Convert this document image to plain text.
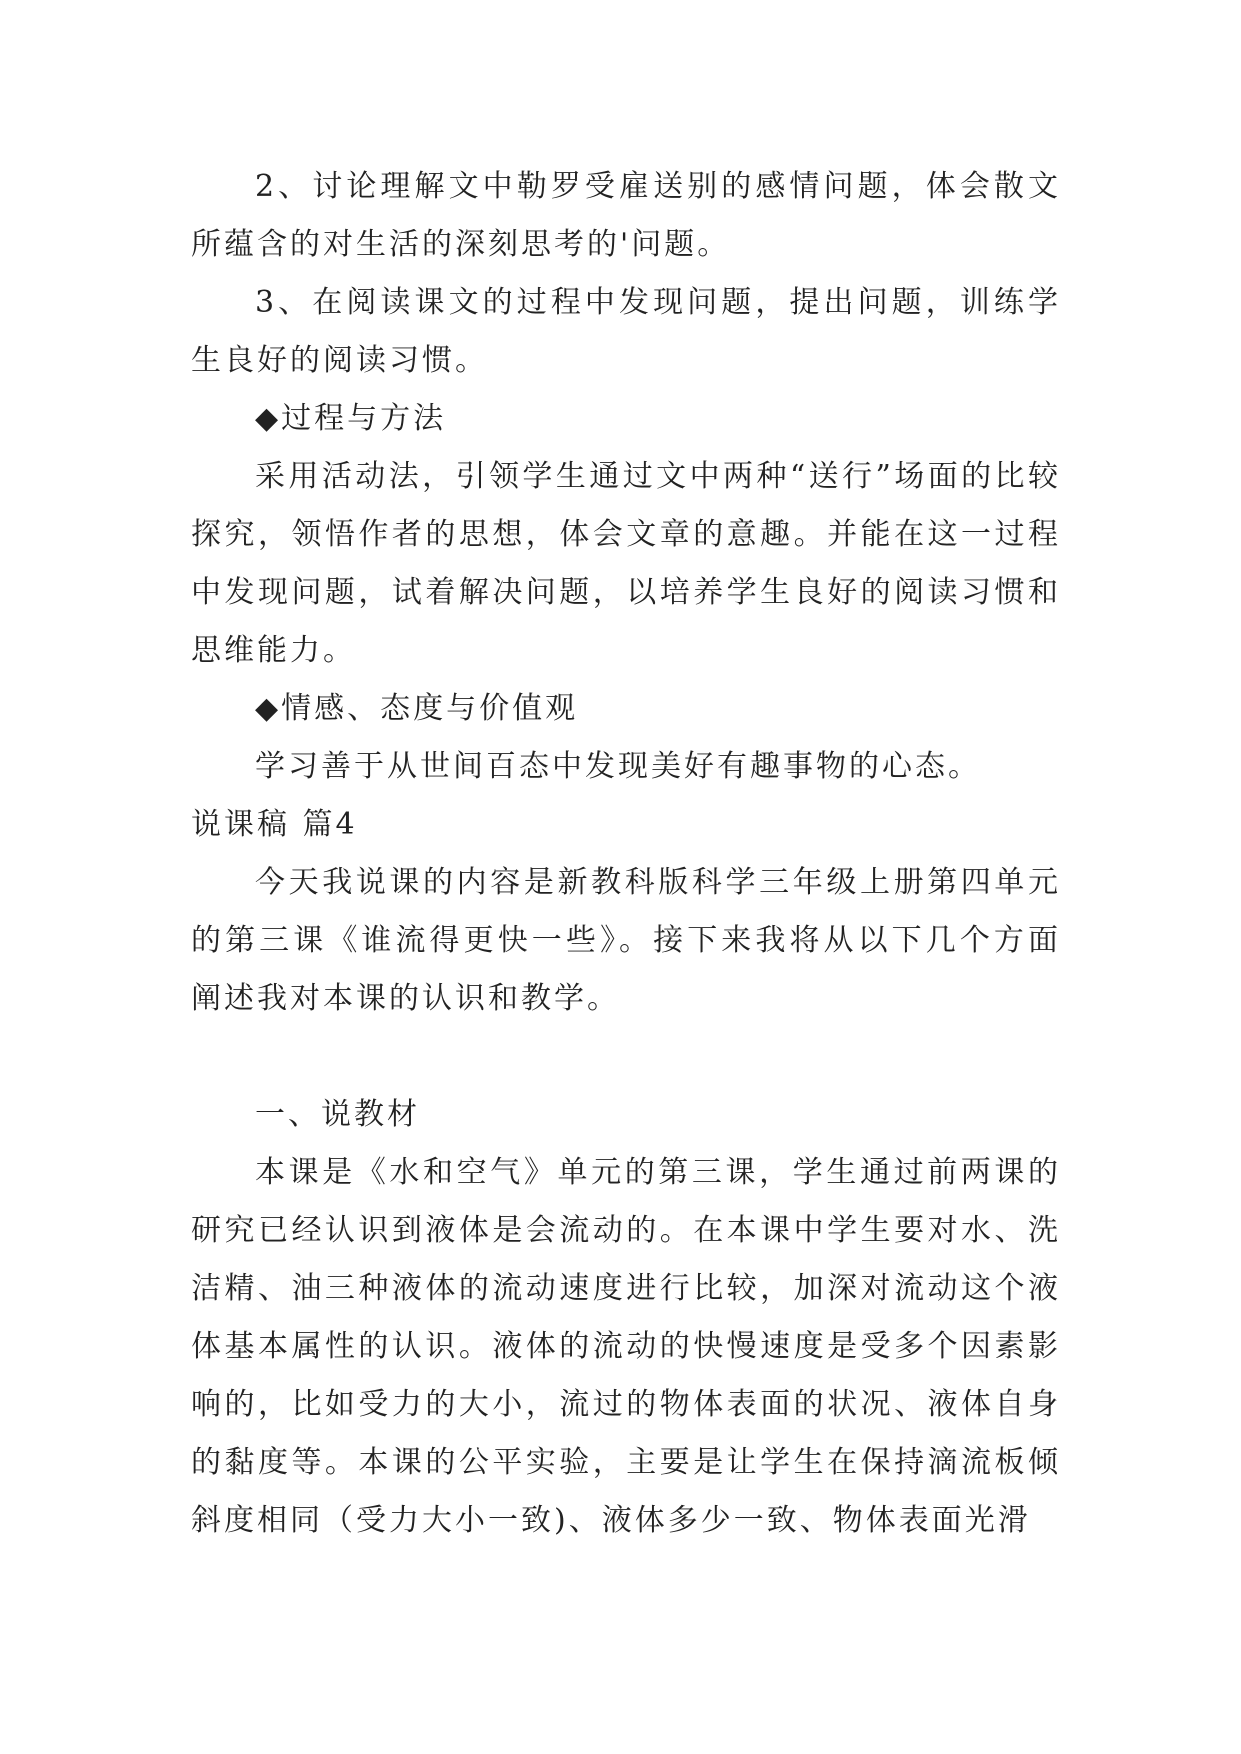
2、讨论理解文中勒罗受雇送别的感情问题，体会散文所蕴含的对生活的深刻思考的'问题。

3、在阅读课文的过程中发现问题，提出问题，训练学生良好的阅读习惯。

◆过程与方法

采用活动法，引领学生通过文中两种“送行”场面的比较探究，领悟作者的思想，体会文章的意趣。并能在这一过程中发现问题，试着解决问题，以培养学生良好的阅读习惯和思维能力。

◆情感、态度与价值观

学习善于从世间百态中发现美好有趣事物的心态。

说课稿 篇4

今天我说课的内容是新教科版科学三年级上册第四单元的第三课《谁流得更快一些》。接下来我将从以下几个方面阐述我对本课的认识和教学。

一、说教材

本课是《水和空气》单元的第三课，学生通过前两课的研究已经认识到液体是会流动的。在本课中学生要对水、洗洁精、油三种液体的流动速度进行比较，加深对流动这个液体基本属性的认识。液体的流动的快慢速度是受多个因素影响的，比如受力的大小，流过的物体表面的状况、液体自身的黏度等。本课的公平实验，主要是让学生在保持滴流板倾斜度相同（受力大小一致)、液体多少一致、物体表面光滑
